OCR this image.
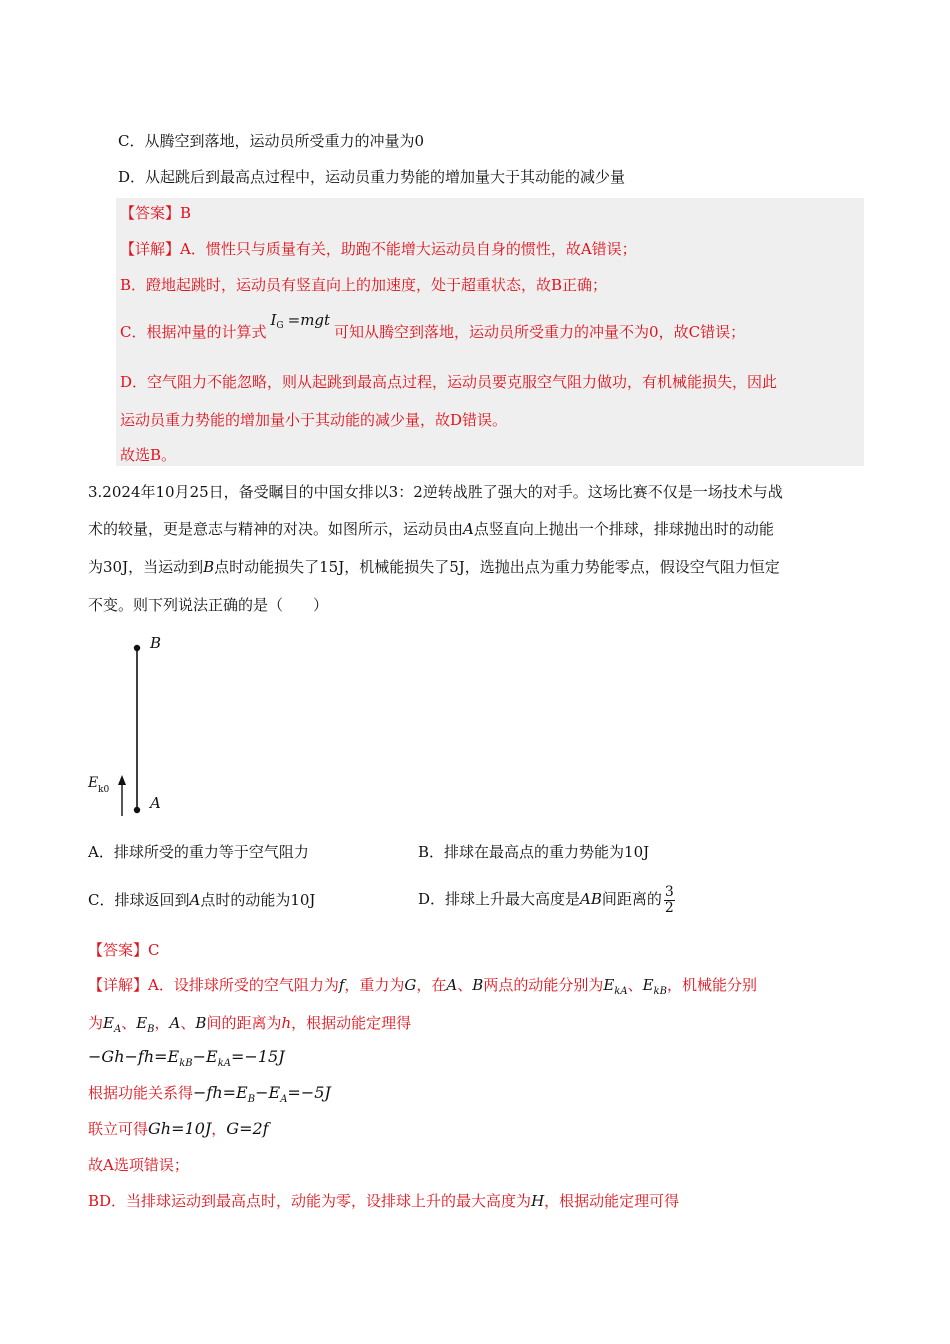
C．从腾空到落地，运动员所受重力的冲量为0
D．从起跳后到最高点过程中，运动员重力势能的增加量大于其动能的减少量
【答案】B
【详解】A．惯性只与质量有关，助跑不能增大运动员自身的惯性，故A错误；
B．蹬地起跳时，运动员有竖直向上的加速度，处于超重状态，故B正确；
C．根据冲量的计算式$I_G =mgt$可知从腾空到落地，运动员所受重力的冲量不为0，故C错误；
D．空气阻力不能忽略，则从起跳到最高点过程，运动员要克服空气阻力做功，有机械能损失，因此
运动员重力势能的增加量小于其动能的减少量，故D错误。
故选B。
3.2024年10月25日，备受瞩目的中国女排以3：2逆转战胜了强大的对手。这场比赛不仅是一场技术与战
术的较量，更是意志与精神的对决。如图所示，运动员由A点竖直向上抛出一个排球，排球抛出时的动能
为30J，当运动到B点时动能损失了15J，机械能损失了5J，选抛出点为重力势能零点，假设空气阻力恒定
不变。则下列说法正确的是（　　）
B
A
E k0
A．排球所受的重力等于空气阻力	B．排球在最高点的重力势能为10J
C．排球返回到A点时的动能为10J	D．排球上升最大高度是AB间距离的 $\frac{3}{2}$
【答案】C
【详解】A．设排球所受的空气阻力为f，重力为G，在A、B两点的动能分别为$E_{kA}$、$E_{kB}$，机械能分别
为$E_A$、$E_B$，A、B间的距离为h，根据动能定理得
$-Gh-fh=E_{kB}-E_{kA}=-15J$
根据功能关系得$-fh=E_B-E_A=-5J$
联立可得Gh=10J，G=2f
故A选项错误；
BD．当排球运动到最高点时，动能为零，设排球上升的最大高度为H，根据动能定理可得
